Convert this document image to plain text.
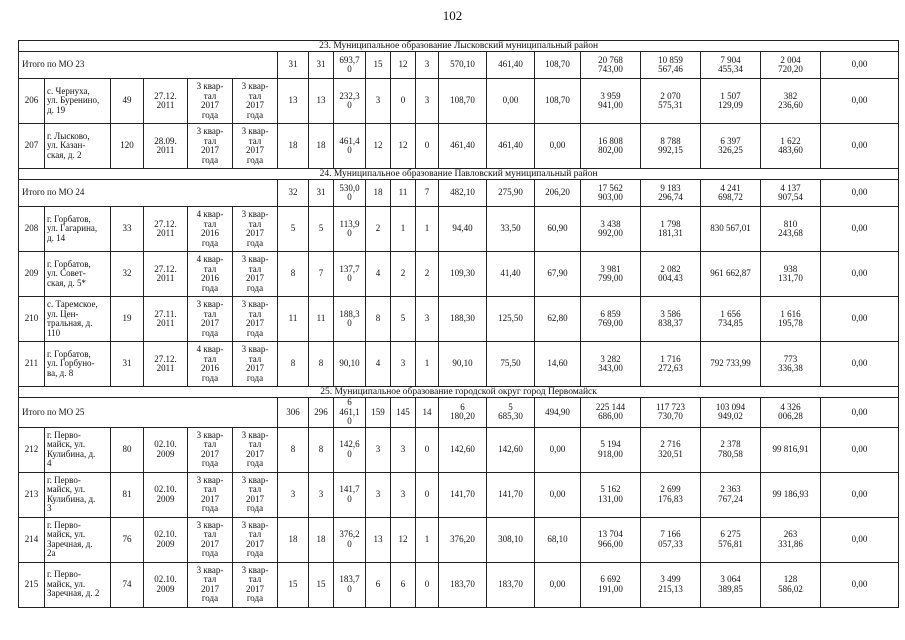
102
23. Муниципальное образование Лысковский муниципальный район																			
Итого по МО 23						31	31	693,7
0	15	12	3	570,10	461,40	108,70	20 768
743,00	10 859
567,46	7 904
455,34	2 004
720,20	0,00
206	с. Чернуха,
ул. Буренино,
д. 19	49	27.12.
2011	3 квар-
тал
2017
года	3 квар-
тал
2017
года	13	13	232,3
0	3	0	3	108,70	0,00	108,70	3 959
941,00	2 070
575,31	1 507
129,09	382
236,60	0,00
207	г. Лысково,
ул. Казан-
ская, д. 2	120	28.09.
2011	3 квар-
тал
2017
года	3 квар-
тал
2017
года	18	18	461,4
0	12	12	0	461,40	461,40	0,00	16 808
802,00	8 788
992,15	6 397
326,25	1 622
483,60	0,00
24. Муниципальное образование Павловский муниципальный район																			
Итого по МО 24						32	31	530,0
0	18	11	7	482,10	275,90	206,20	17 562
903,00	9 183
296,74	4 241
698,72	4 137
907,54	0,00
208	г. Горбатов,
ул. Гагарина,
д. 14	33	27.12.
2011	4 квар-
тал
2016
года	3 квар-
тал
2017
года	5	5	113,9
0	2	1	1	94,40	33,50	60,90	3 438
992,00	1 798
181,31	830 567,01	810
243,68	0,00
209	г. Горбатов,
ул. Совет-
ская, д. 5*	32	27.12.
2011	4 квар-
тал
2016
года	3 квар-
тал
2017
года	8	7	137,7
0	4	2	2	109,30	41,40	67,90	3 981
799,00	2 082
004,43	961 662,87	938
131,70	0,00
210	с. Таремское,
ул. Цен-
тральная, д.
110	19	27.11.
2011	3 квар-
тал
2017
года	3 квар-
тал
2017
года	11	11	188,3
0	8	5	3	188,30	125,50	62,80	6 859
769,00	3 586
838,37	1 656
734,85	1 616
195,78	0,00
211	г. Горбатов,
ул. Горбуно-
ва, д. 8	31	27.12.
2011	4 квар-
тал
2016
года	3 квар-
тал
2017
года	8	8	90,10	4	3	1	90,10	75,50	14,60	3 282
343,00	1 716
272,63	792 733,99	773
336,38	0,00
25. Муниципальное образование городской округ город Первомайск																			
Итого по МО 25						306	296	6
461,1
0	159	145	14	6
180,20	5
685,30	494,90	225 144
686,00	117 723
730,70	103 094
949,02	4 326
006,28	0,00
212	г. Перво-
майск, ул.
Кулибина, д.
4	80	02.10.
2009	3 квар-
тал
2017
года	3 квар-
тал
2017
года	8	8	142,6
0	3	3	0	142,60	142,60	0,00	5 194
918,00	2 716
320,51	2 378
780,58	99 816,91	0,00
213	г. Перво-
майск, ул.
Кулибина, д.
3	81	02.10.
2009	3 квар-
тал
2017
года	3 квар-
тал
2017
года	3	3	141,7
0	3	3	0	141,70	141,70	0,00	5 162
131,00	2 699
176,83	2 363
767,24	99 186,93	0,00
214	г. Перво-
майск, ул.
Заречная, д.
2а	76	02.10.
2009	3 квар-
тал
2017
года	3 квар-
тал
2017
года	18	18	376,2
0	13	12	1	376,20	308,10	68,10	13 704
966,00	7 166
057,33	6 275
576,81	263
331,86	0,00
215	г. Перво-
майск, ул.
Заречная, д. 2	74	02.10.
2009	3 квар-
тал
2017
года	3 квар-
тал
2017
года	15	15	183,7
0	6	6	0	183,70	183,70	0,00	6 692
191,00	3 499
215,13	3 064
389,85	128
586,02	0,00
